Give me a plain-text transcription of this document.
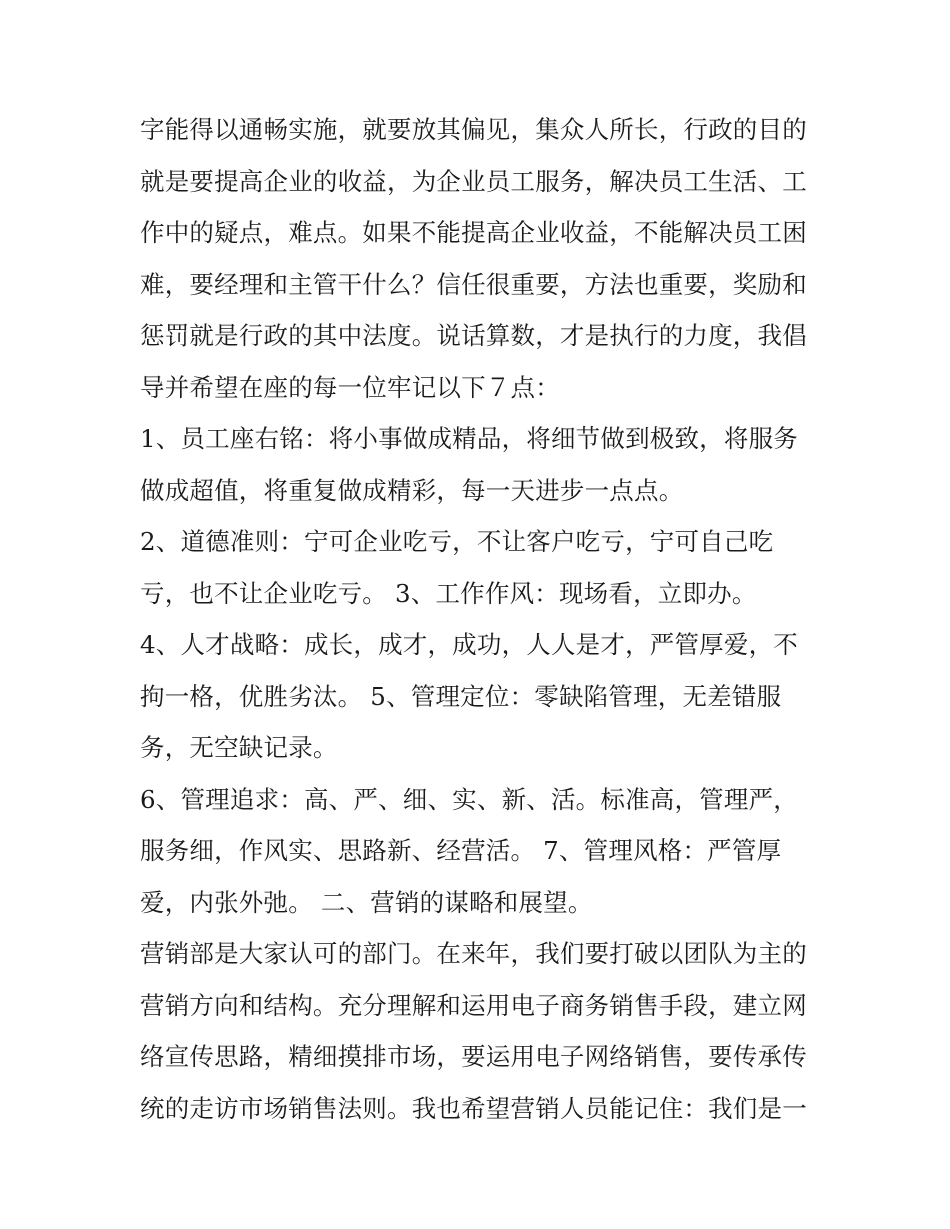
字能得以通畅实施，就要放其偏见，集众人所长，行政的目的
就是要提高企业的收益，为企业员工服务，解决员工生活、工
作中的疑点，难点。如果不能提高企业收益，不能解决员工困
难，要经理和主管干什么？信任很重要，方法也重要，奖励和
惩罚就是行政的其中法度。说话算数，才是执行的力度，我倡
导并希望在座的每一位牢记以下７点：
1、员工座右铭：将小事做成精品，将细节做到极致，将服务
做成超值，将重复做成精彩，每一天进步一点点。
2、道德准则：宁可企业吃亏，不让客户吃亏，宁可自己吃
亏，也不让企业吃亏。 3、工作作风：现场看，立即办。
4、人才战略：成长，成才，成功，人人是才，严管厚爱，不
拘一格，优胜劣汰。 5、管理定位：零缺陷管理，无差错服
务，无空缺记录。
6、管理追求：高、严、细、实、新、活。标准高，管理严，
服务细，作风实、思路新、经营活。 7、管理风格：严管厚
爱，内张外弛。 二、营销的谋略和展望。
营销部是大家认可的部门。在来年，我们要打破以团队为主的
营销方向和结构。充分理解和运用电子商务销售手段，建立网
络宣传思路，精细摸排市场，要运用电子网络销售，要传承传
统的走访市场销售法则。我也希望营销人员能记住：我们是一
